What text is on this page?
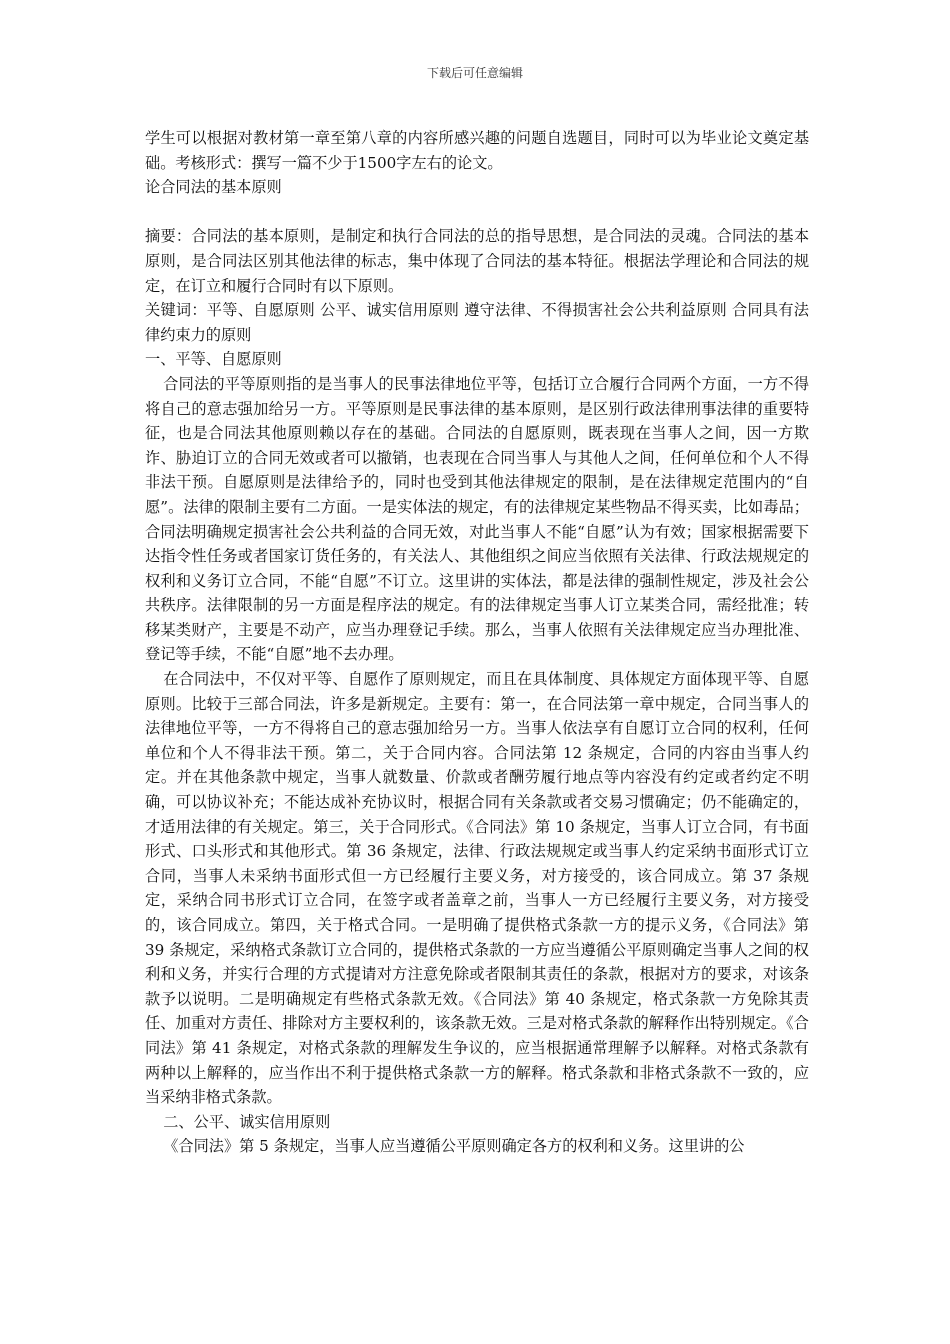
下载后可任意编辑

学生可以根据对教材第一章至第八章的内容所感兴趣的问题自选题目，同时可以为毕业论文奠定基础。考核形式：撰写一篇不少于1500字左右的论文。

论合同法的基本原则

摘要：合同法的基本原则，是制定和执行合同法的总的指导思想，是合同法的灵魂。合同法的基本原则，是合同法区别其他法律的标志，集中体现了合同法的基本特征。根据法学理论和合同法的规定，在订立和履行合同时有以下原则。

关键词：平等、自愿原则 公平、诚实信用原则 遵守法律、不得损害社会公共利益原则 合同具有法律约束力的原则

一、平等、自愿原则

合同法的平等原则指的是当事人的民事法律地位平等，包括订立合履行合同两个方面，一方不得将自己的意志强加给另一方。平等原则是民事法律的基本原则，是区别行政法律刑事法律的重要特征，也是合同法其他原则赖以存在的基础。合同法的自愿原则，既表现在当事人之间，因一方欺诈、胁迫订立的合同无效或者可以撤销，也表现在合同当事人与其他人之间，任何单位和个人不得非法干预。自愿原则是法律给予的，同时也受到其他法律规定的限制，是在法律规定范围内的“自愿”。法律的限制主要有二方面。一是实体法的规定，有的法律规定某些物品不得买卖，比如毒品；合同法明确规定损害社会公共利益的合同无效，对此当事人不能“自愿”认为有效；国家根据需要下达指令性任务或者国家订货任务的，有关法人、其他组织之间应当依照有关法律、行政法规规定的权利和义务订立合同，不能“自愿”不订立。这里讲的实体法，都是法律的强制性规定，涉及社会公共秩序。法律限制的另一方面是程序法的规定。有的法律规定当事人订立某类合同，需经批准；转移某类财产，主要是不动产，应当办理登记手续。那么，当事人依照有关法律规定应当办理批准、登记等手续，不能“自愿”地不去办理。

在合同法中，不仅对平等、自愿作了原则规定，而且在具体制度、具体规定方面体现平等、自愿原则。比较于三部合同法，许多是新规定。主要有：第一，在合同法第一章中规定，合同当事人的法律地位平等，一方不得将自己的意志强加给另一方。当事人依法享有自愿订立合同的权利，任何单位和个人不得非法干预。第二，关于合同内容。合同法第 12 条规定，合同的内容由当事人约定。并在其他条款中规定，当事人就数量、价款或者酬劳履行地点等内容没有约定或者约定不明确，可以协议补充；不能达成补充协议时，根据合同有关条款或者交易习惯确定；仍不能确定的，才适用法律的有关规定。第三，关于合同形式。《合同法》第 10 条规定，当事人订立合同，有书面形式、口头形式和其他形式。第 36 条规定，法律、行政法规规定或当事人约定采纳书面形式订立合同，当事人未采纳书面形式但一方已经履行主要义务，对方接受的，该合同成立。第 37 条规定，采纳合同书形式订立合同，在签字或者盖章之前，当事人一方已经履行主要义务，对方接受的，该合同成立。第四，关于格式合同。一是明确了提供格式条款一方的提示义务，《合同法》第 39 条规定，采纳格式条款订立合同的，提供格式条款的一方应当遵循公平原则确定当事人之间的权利和义务，并实行合理的方式提请对方注意免除或者限制其责任的条款，根据对方的要求，对该条款予以说明。二是明确规定有些格式条款无效。《合同法》第 40 条规定，格式条款一方免除其责任、加重对方责任、排除对方主要权利的，该条款无效。三是对格式条款的解释作出特别规定。《合同法》第 41 条规定，对格式条款的理解发生争议的，应当根据通常理解予以解释。对格式条款有两种以上解释的，应当作出不利于提供格式条款一方的解释。格式条款和非格式条款不一致的，应当采纳非格式条款。

二、公平、诚实信用原则

《合同法》第 5 条规定，当事人应当遵循公平原则确定各方的权利和义务。这里讲的公
